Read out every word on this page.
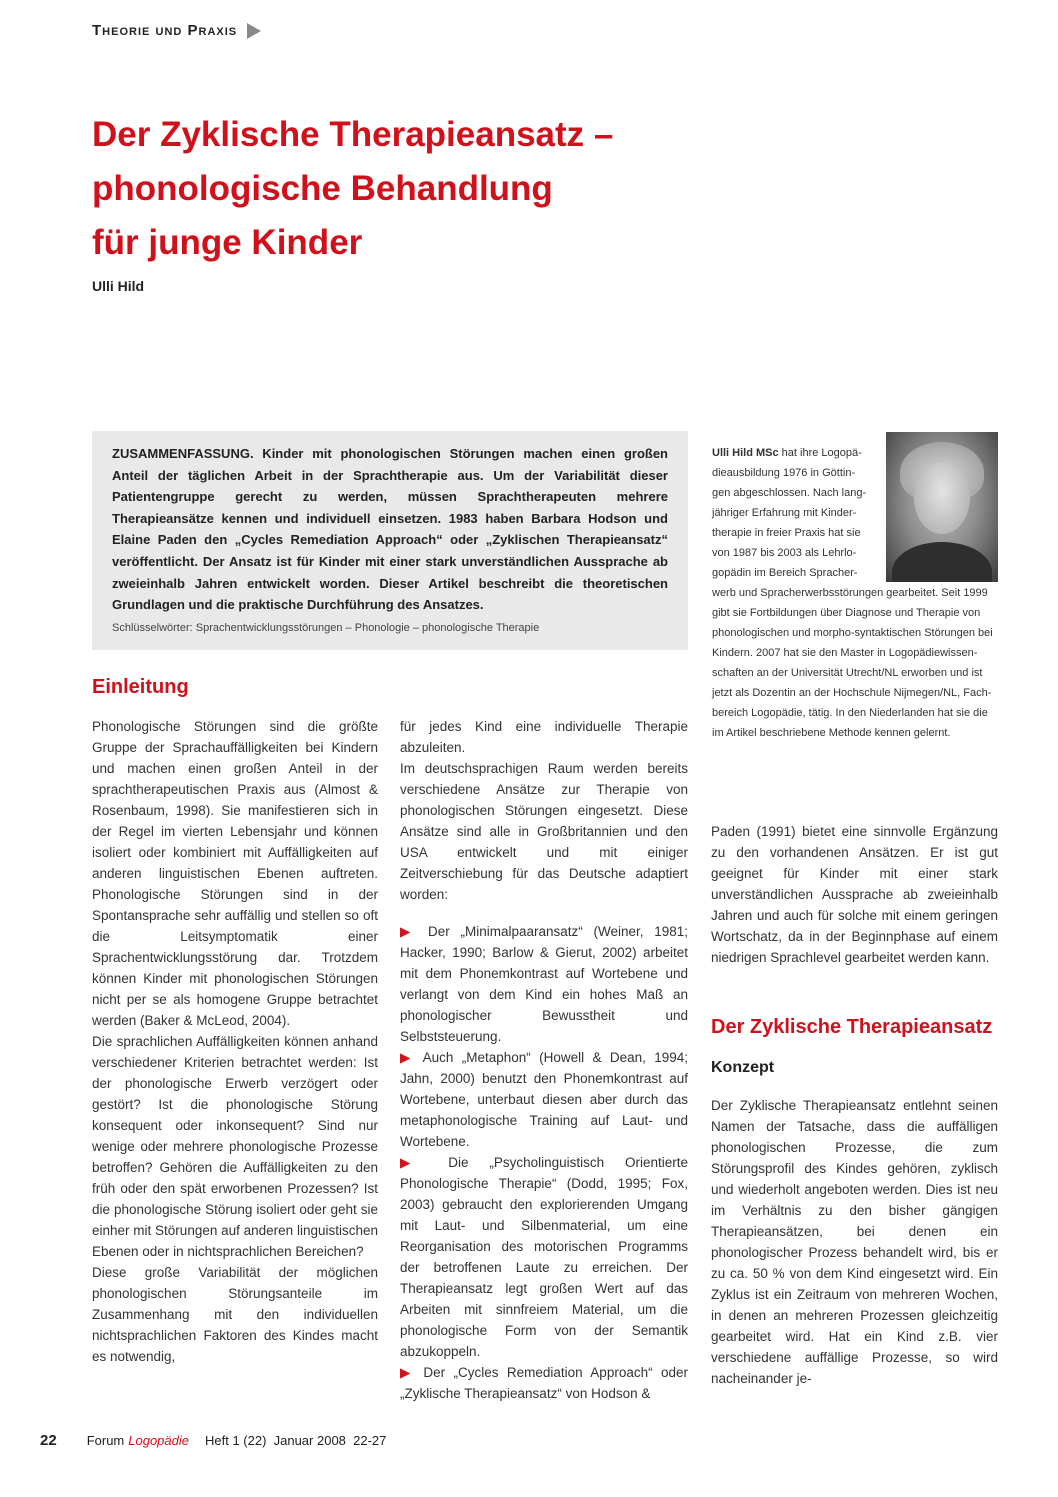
Theorie und Praxis
Der Zyklische Therapieansatz –
phonologische Behandlung
für junge Kinder
Ulli Hild

ZUSAMMENFASSUNG. Kinder mit phonologischen Störungen machen einen großen Anteil der täglichen Arbeit in der Sprachtherapie aus. Um der Variabilität dieser Patientengruppe gerecht zu werden, müssen Sprachtherapeuten mehrere Therapieansätze kennen und individuell einsetzen. 1983 haben Barbara Hodson und Elaine Paden den „Cycles Remediation Approach“ oder „Zyklischen Therapieansatz“ veröffentlicht. Der Ansatz ist für Kinder mit einer stark unverständlichen Aussprache ab zweieinhalb Jahren entwickelt worden. Dieser Artikel beschreibt die theoretischen Grundlagen und die praktische Durchführung des Ansatzes.

Schlüsselwörter: Sprachentwicklungsstörungen – Phonologie – phonologische Therapie

Ulli Hild MSc hat ihre Logopä-
dieausbildung 1976 in Göttin-
gen abgeschlossen. Nach lang-
jähriger Erfahrung mit Kinder-
therapie in freier Praxis hat sie
von 1987 bis 2003 als Lehrlo-
gopädin im Bereich Spracher-
werb und Spracherwerbsstörungen gearbeitet. Seit 1999
gibt sie Fortbildungen über Diagnose und Therapie von
phonologischen und morpho-syntaktischen Störungen bei
Kindern. 2007 hat sie den Master in Logopädiewissen-
schaften an der Universität Utrecht/NL erworben und ist
jetzt als Dozentin an der Hochschule Nijmegen/NL, Fach-
bereich Logopädie, tätig. In den Niederlanden hat sie die
im Artikel beschriebene Methode kennen gelernt.
Einleitung

Phonologische Störungen sind die größte Gruppe der Sprachauffälligkeiten bei Kindern und machen einen großen Anteil in der sprachtherapeutischen Praxis aus (Almost & Rosenbaum, 1998). Sie manifestieren sich in der Regel im vierten Lebensjahr und können isoliert oder kombiniert mit Auffälligkeiten auf anderen linguistischen Ebenen auftreten. Phonologische Störungen sind in der Spontansprache sehr auffällig und stellen so oft die Leitsymptomatik einer Sprachentwicklungsstörung dar. Trotzdem können Kinder mit phonologischen Störungen nicht per se als homogene Gruppe betrachtet werden (Baker & McLeod, 2004).

Die sprachlichen Auffälligkeiten können anhand verschiedener Kriterien betrachtet werden: Ist der phonologische Erwerb verzögert oder gestört? Ist die phonologische Störung konsequent oder inkonsequent? Sind nur wenige oder mehrere phonologische Prozesse betroffen? Gehören die Auffälligkeiten zu den früh oder den spät erworbenen Prozessen? Ist die phonologische Störung isoliert oder geht sie einher mit Störungen auf anderen linguistischen Ebenen oder in nichtsprachlichen Bereichen?

Diese große Variabilität der möglichen phonologischen Störungsanteile im Zusammenhang mit den individuellen nichtsprachlichen Faktoren des Kindes macht es notwendig,

für jedes Kind eine individuelle Therapie abzuleiten.

Im deutschsprachigen Raum werden bereits verschiedene Ansätze zur Therapie von phonologischen Störungen eingesetzt. Diese Ansätze sind alle in Großbritannien und den USA entwickelt und mit einiger Zeitverschiebung für das Deutsche adaptiert worden:

▶ Der „Minimalpaaransatz“ (Weiner, 1981; Hacker, 1990; Barlow & Gierut, 2002) arbeitet mit dem Phonemkontrast auf Wortebene und verlangt von dem Kind ein hohes Maß an phonologischer Bewusstheit und Selbststeuerung.

▶ Auch „Metaphon“ (Howell & Dean, 1994; Jahn, 2000) benutzt den Phonemkontrast auf Wortebene, unterbaut diesen aber durch das metaphonologische Training auf Laut- und Wortebene.

▶ Die „Psycholinguistisch Orientierte Phonologische Therapie“ (Dodd, 1995; Fox, 2003) gebraucht den explorierenden Umgang mit Laut- und Silbenmaterial, um eine Reorganisation des motorischen Programms der betroffenen Laute zu erreichen. Der Therapieansatz legt großen Wert auf das Arbeiten mit sinnfreiem Material, um die phonologische Form von der Semantik abzukoppeln.

▶ Der „Cycles Remediation Approach“ oder „Zyklische Therapieansatz“ von Hodson &

Paden (1991) bietet eine sinnvolle Ergänzung zu den vorhandenen Ansätzen. Er ist gut geeignet für Kinder mit einer stark unverständlichen Aussprache ab zweieinhalb Jahren und auch für solche mit einem geringen Wortschatz, da in der Beginnphase auf einem niedrigen Sprachlevel gearbeitet werden kann.

Der Zyklische Therapieansatz
Konzept

Der Zyklische Therapieansatz entlehnt seinen Namen der Tatsache, dass die auffälligen phonologischen Prozesse, die zum Störungsprofil des Kindes gehören, zyklisch und wiederholt angeboten werden. Dies ist neu im Verhältnis zu den bisher gängigen Therapieansätzen, bei denen ein phonologischer Prozess behandelt wird, bis er zu ca. 50 % von dem Kind eingesetzt wird. Ein Zyklus ist ein Zeitraum von mehreren Wochen, in denen an mehreren Prozessen gleichzeitig gearbeitet wird. Hat ein Kind z.B. vier verschiedene auffällige Prozesse, so wird nacheinander je-

22 Forum Logopädie Heft 1 (22)  Januar 2008  22-27
